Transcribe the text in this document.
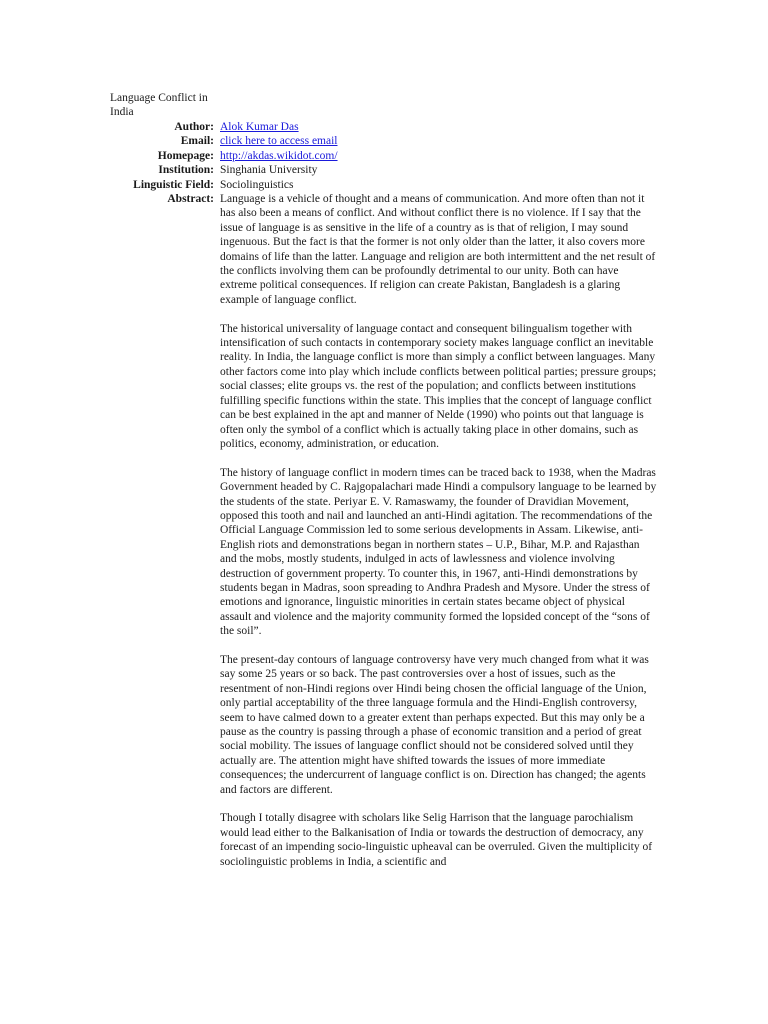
Language Conflict in India
Author:	Alok Kumar Das
Email:	click here to access email
Homepage:	http://akdas.wikidot.com/
Institution:	Singhania University
Linguistic Field:	Sociolinguistics
Abstract:	Language is a vehicle of thought and a means of communication. And more often than not it has also been a means of conflict. And without conflict there is no violence. If I say that the issue of language is as sensitive in the life of a country as is that of religion, I may sound ingenuous. But the fact is that the former is not only older than the latter, it also covers more domains of life than the latter. Language and religion are both intermittent and the net result of the conflicts involving them can be profoundly detrimental to our unity. Both can have extreme political consequences. If religion can create Pakistan, Bangladesh is a glaring example of language conflict.

The historical universality of language contact and consequent bilingualism together with intensification of such contacts in contemporary society makes language conflict an inevitable reality. In India, the language conflict is more than simply a conflict between languages. Many other factors come into play which include conflicts between political parties; pressure groups; social classes; elite groups vs. the rest of the population; and conflicts between institutions fulfilling specific functions within the state. This implies that the concept of language conflict can be best explained in the apt and manner of Nelde (1990) who points out that language is often only the symbol of a conflict which is actually taking place in other domains, such as politics, economy, administration, or education.

The history of language conflict in modern times can be traced back to 1938, when the Madras Government headed by C. Rajgopalachari made Hindi a compulsory language to be learned by the students of the state. Periyar E. V. Ramaswamy, the founder of Dravidian Movement, opposed this tooth and nail and launched an anti-Hindi agitation. The recommendations of the Official Language Commission led to some serious developments in Assam. Likewise, anti-English riots and demonstrations began in northern states – U.P., Bihar, M.P. and Rajasthan and the mobs, mostly students, indulged in acts of lawlessness and violence involving destruction of government property. To counter this, in 1967, anti-Hindi demonstrations by students began in Madras, soon spreading to Andhra Pradesh and Mysore. Under the stress of emotions and ignorance, linguistic minorities in certain states became object of physical assault and violence and the majority community formed the lopsided concept of the “sons of the soil”.

The present-day contours of language controversy have very much changed from what it was say some 25 years or so back. The past controversies over a host of issues, such as the resentment of non-Hindi regions over Hindi being chosen the official language of the Union, only partial acceptability of the three language formula and the Hindi-English controversy, seem to have calmed down to a greater extent than perhaps expected. But this may only be a pause as the country is passing through a phase of economic transition and a period of great social mobility. The issues of language conflict should not be considered solved until they actually are. The attention might have shifted towards the issues of more immediate consequences; the undercurrent of language conflict is on. Direction has changed; the agents and factors are different.

Though I totally disagree with scholars like Selig Harrison that the language parochialism would lead either to the Balkanisation of India or towards the destruction of democracy, any forecast of an impending socio-linguistic upheaval can be overruled. Given the multiplicity of sociolinguistic problems in India, a scientific and
